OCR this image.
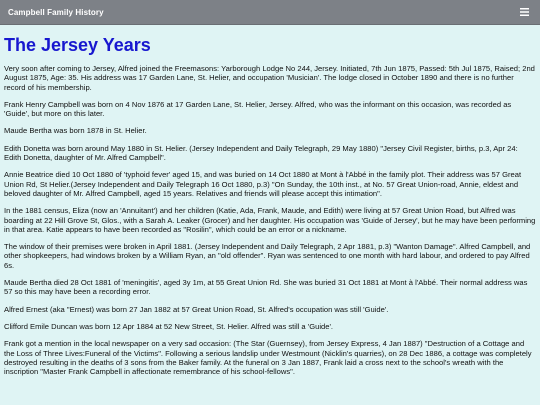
Campbell Family History
The Jersey Years

Very soon after coming to Jersey, Alfred joined the Freemasons: Yarborough Lodge No 244, Jersey. Initiated, 7th Jun 1875, Passed: 5th Jul 1875, Raised; 2nd August 1875, Age: 35. His address was 17 Garden Lane, St. Helier, and occupation 'Musician'. The lodge closed in October 1890 and there is no further record of his membership.

Frank Henry Campbell was born on 4 Nov 1876 at 17 Garden Lane, St. Helier, Jersey. Alfred, who was the informant on this occasion, was recorded as 'Guide', but more on this later.

Maude Bertha was born 1878 in St. Helier.

Edith Donetta was born around May 1880 in St. Helier. (Jersey Independent and Daily Telegraph, 29 May 1880) "Jersey Civil Register, births, p.3, Apr 24: Edith Donetta, daughter of Mr. Alfred Campbell".

Annie Beatrice died 10 Oct 1880 of 'typhoid fever' aged 15, and was buried on 14 Oct 1880 at Mont à l'Abbé in the family plot. Their address was 57 Great Union Rd, St Helier.(Jersey Independent and Daily Telegraph 16 Oct 1880, p.3) "On Sunday, the 10th inst., at No. 57 Great Union-road, Annie, eldest and beloved daughter of Mr. Alfred Campbell, aged 15 years. Relatives and friends will please accept this intimation".

In the 1881 census, Eliza (now an 'Annuitant') and her children (Katie, Ada, Frank, Maude, and Edith) were living at 57 Great Union Road, but Alfred was boarding at 22 Hill Grove St, Glos., with a Sarah A. Leaker (Grocer) and her daughter. His occupation was 'Guide of Jersey', but he may have been performing in that area. Katie appears to have been recorded as "Rosilin", which could be an error or a nickname.

The window of their premises were broken in April 1881. (Jersey Independent and Daily Telegraph, 2 Apr 1881, p.3) "Wanton Damage". Alfred Campbell, and other shopkeepers, had windows broken by a William Ryan, an "old offender". Ryan was sentenced to one month with hard labour, and ordered to pay Alfred 6s.

Maude Bertha died 28 Oct 1881 of 'meningitis', aged 3y 1m, at 55 Great Union Rd. She was buried 31 Oct 1881 at Mont à l'Abbé. Their normal address was 57 so this may have been a recording error.

Alfred Ernest (aka "Ernest) was born 27 Jan 1882 at 57 Great Union Road, St. Alfred's occupation was still 'Guide'.

Clifford Emile Duncan was born 12 Apr 1884 at 52 New Street, St. Helier. Alfred was still a 'Guide'.

Frank got a mention in the local newspaper on a very sad occasion: (The Star (Guernsey), from Jersey Express, 4 Jan 1887) "Destruction of a Cottage and the Loss of Three Lives:Funeral of the Victims". Following a serious landslip under Westmount (Nicklin's quarries), on 28 Dec 1886, a cottage was completely destroyed resulting in the deaths of 3 sons from the Baker family. At the funeral on 3 Jan 1887, Frank laid a cross next to the school's wreath with the inscription "Master Frank Campbell in affectionate remembrance of his school-fellows".
